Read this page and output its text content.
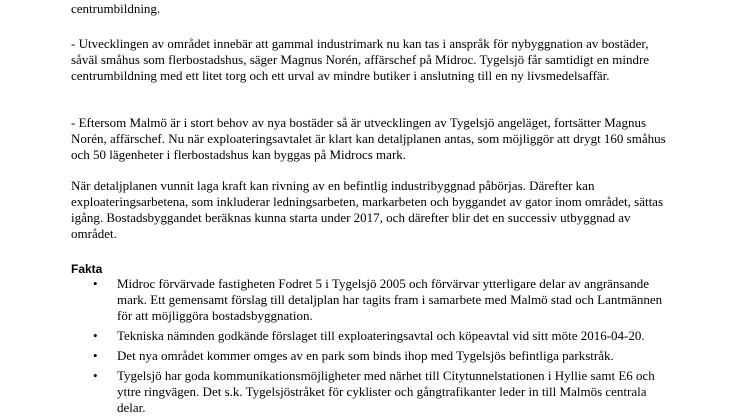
centrumbildning.

- Utvecklingen av området innebär att gammal industrimark nu kan tas i anspråk för nybyggnation av bostäder, såväl småhus som flerbostadshus, säger Magnus Norén, affärschef på Midroc. Tygelsjö får samtidigt en mindre centrumbildning med ett litet torg och ett urval av mindre butiker i anslutning till en ny livsmedelsaffär.

- Eftersom Malmö är i stort behov av nya bostäder så är utvecklingen av Tygelsjö angeläget, fortsätter Magnus Norén, affärschef. Nu när exploateringsavtalet är klart kan detaljplanen antas, som möjliggör att drygt 160 småhus och 50 lägenheter i flerbostadshus kan byggas på Midrocs mark.

När detaljplanen vunnit laga kraft kan rivning av en befintlig industribyggnad påbörjas. Därefter kan exploateringsarbetena, som inkluderar ledningsarbeten, markarbeten och byggandet av gator inom området, sättas igång. Bostadsbyggandet beräknas kunna starta under 2017, och därefter blir det en successiv utbyggnad av området.

Fakta
• Midroc förvärvade fastigheten Fodret 5 i Tygelsjö 2005 och förvärvar ytterligare delar av angränsande mark. Ett gemensamt förslag till detaljplan har tagits fram i samarbete med Malmö stad och Lantmännen för att möjliggöra bostadsbyggnation.
• Tekniska nämnden godkände förslaget till exploateringsavtal och köpeavtal vid sitt möte 2016-04-20.
• Det nya området kommer omges av en park som binds ihop med Tygelsjös befintliga parkstråk.
• Tygelsjö har goda kommunikationsmöjligheter med närhet till Citytunnelstationen i Hyllie samt E6 och yttre ringvägen. Det s.k. Tygelsjöstråket för cyklister och gångtrafikanter leder in till Malmös centrala delar.
